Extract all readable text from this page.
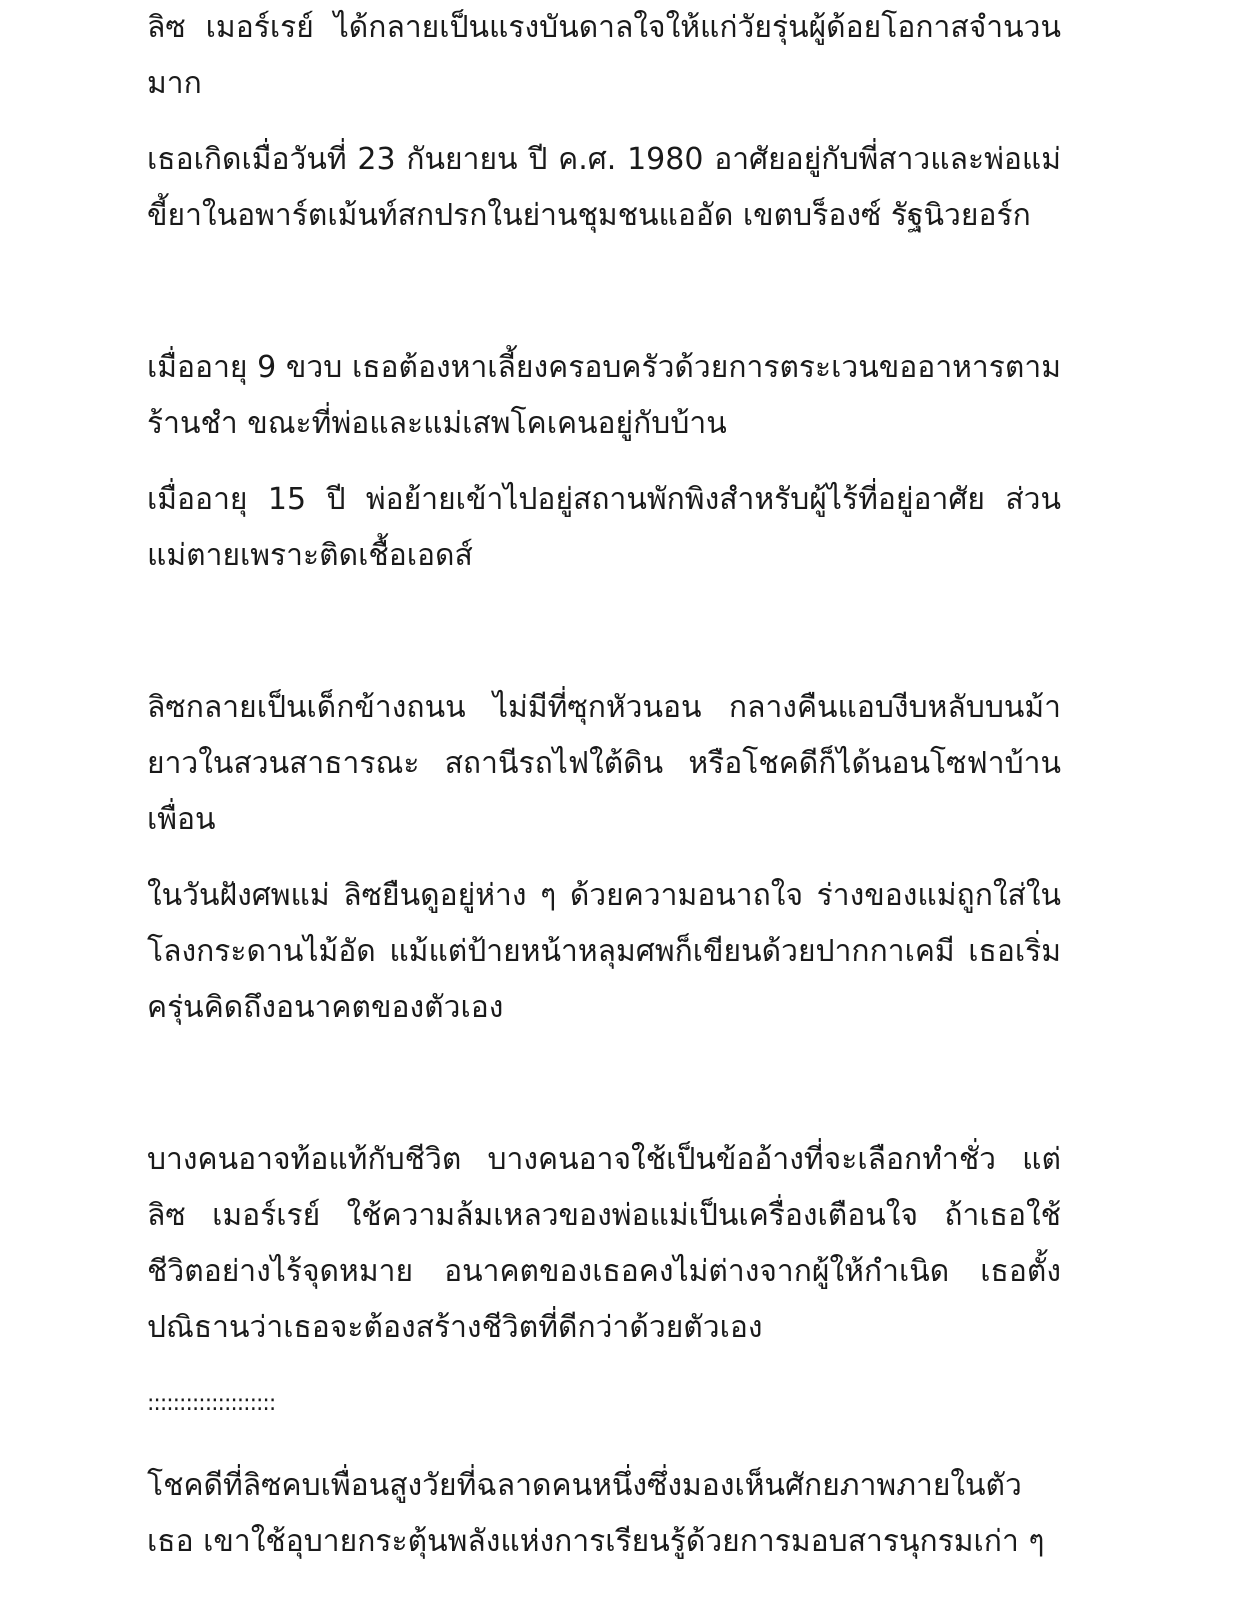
ลิซ เมอร์เรย์ ได้กลายเป็นแรงบันดาลใจให้แก่วัยรุ่นผู้ด้อยโอกาสจำนวนมาก

เธอเกิดเมื่อวันที่ 23 กันยายน ปี ค.ศ. 1980 อาศัยอยู่กับพี่สาวและพ่อแม่ขี้ยาในอพาร์ตเม้นท์สกปรกในย่านชุมชนแออัด เขตบร็องซ์ รัฐนิวยอร์ก

เมื่ออายุ 9 ขวบ เธอต้องหาเลี้ยงครอบครัวด้วยการตระเวนขออาหารตามร้านชำ ขณะที่พ่อและแม่เสพโคเคนอยู่กับบ้าน

เมื่ออายุ 15 ปี พ่อย้ายเข้าไปอยู่สถานพักพิงสำหรับผู้ไร้ที่อยู่อาศัย ส่วนแม่ตายเพราะติดเชื้อเอดส์

ลิซกลายเป็นเด็กข้างถนน ไม่มีที่ซุกหัวนอน กลางคืนแอบงีบหลับบนม้ายาวในสวนสาธารณะ สถานีรถไฟใต้ดิน หรือโชคดีก็ได้นอนโซฟาบ้านเพื่อน

ในวันฝังศพแม่ ลิซยืนดูอยู่ห่าง ๆ ด้วยความอนาถใจ ร่างของแม่ถูกใส่ในโลงกระดานไม้อัด แม้แต่ป้ายหน้าหลุมศพก็เขียนด้วยปากกาเคมี เธอเริ่มครุ่นคิดถึงอนาคตของตัวเอง

บางคนอาจท้อแท้กับชีวิต บางคนอาจใช้เป็นข้ออ้างที่จะเลือกทำชั่ว แต่ลิซ เมอร์เรย์ ใช้ความล้มเหลวของพ่อแม่เป็นเครื่องเตือนใจ ถ้าเธอใช้ชีวิตอย่างไร้จุดหมาย อนาคตของเธอคงไม่ต่างจากผู้ให้กำเนิด เธอตั้งปณิธานว่าเธอจะต้องสร้างชีวิตที่ดีกว่าด้วยตัวเอง

::::::::::::::::::::

โชคดีที่ลิซคบเพื่อนสูงวัยที่ฉลาดคนหนึ่งซึ่งมองเห็นศักยภาพภายในตัวเธอ เขาใช้อุบายกระตุ้นพลังแห่งการเรียนรู้ด้วยการมอบสารนุกรมเก่า ๆ
